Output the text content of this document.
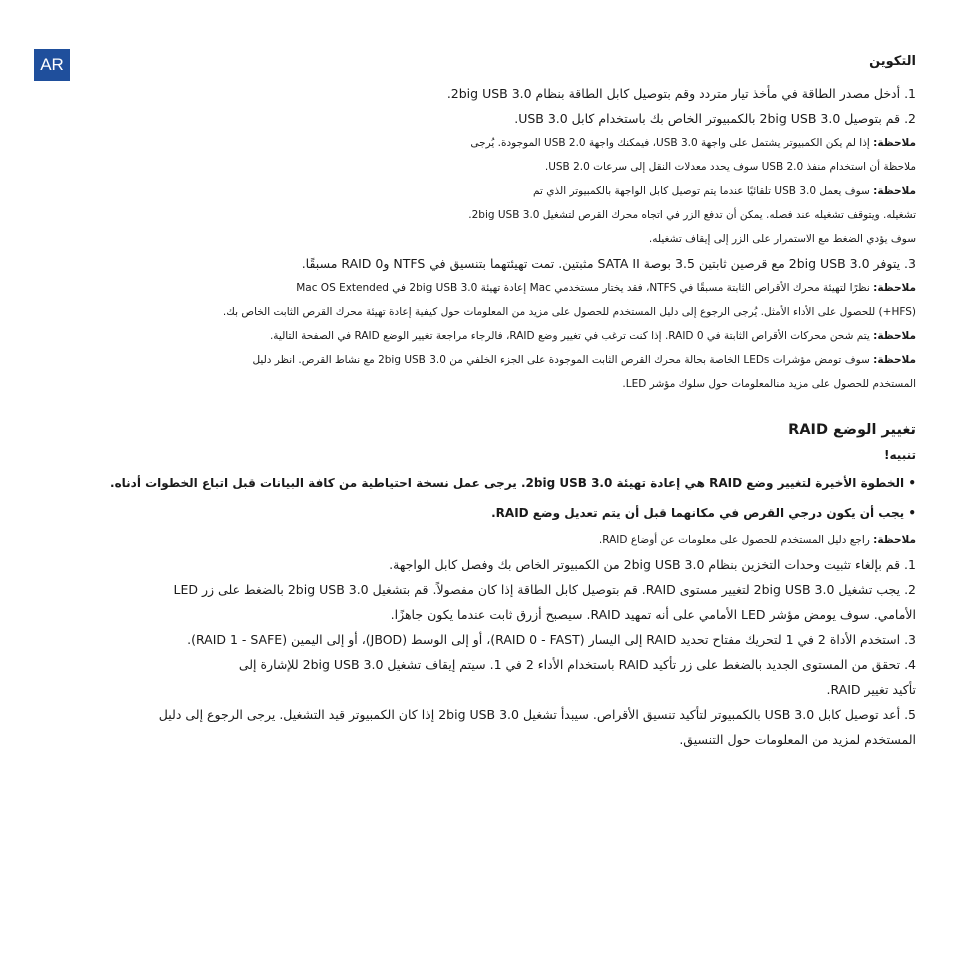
AR	التكوين

1. أدخل مصدر الطاقة في مأخذ تيار متردد وقم بتوصيل كابل الطاقة بنظام 2big USB 3.0.

2. قم بتوصيل 2big USB 3.0 بالكمبيوتر الخاص بك باستخدام كابل USB 3.0.

ملاحظة: إذا لم يكن الكمبيوتر يشتمل على واجهة USB 3.0، فيمكنك واجهة USB 2.0 الموجودة. يُرجى

ملاحظة أن استخدام منفذ USB 2.0 سوف يحدد معدلات النقل إلى سرعات USB 2.0.

ملاحظة: سوف يعمل USB 3.0 تلقائيًا عندما يتم توصيل كابل الواجهة بالكمبيوتر الذي تم

تشغيله. ويتوقف تشغيله عند فصله. يمكن أن تدفع الزر في اتجاه محرك القرص لتشغيل 2big USB 3.0.

سوف يؤدي الضغط مع الاستمرار على الزر إلى إيقاف تشغيله.

3. يتوفر 2big USB 3.0 مع قرصين ثابتين 3.5 بوصة SATA II مثبتين. تمت تهيئتهما بتنسيق في NTFS وRAID 0 مسبقًا.

ملاحظة: نظرًا لتهيئة محرك الأقراص الثابتة مسبقًا في NTFS، فقد يختار مستخدمي Mac إعادة تهيئة 2big USB 3.0 في Mac OS Extended

(HFS+) للحصول على الأداء الأمثل. يُرجى الرجوع إلى دليل المستخدم للحصول على مزيد من المعلومات حول كيفية إعادة تهيئة محرك القرص الثابت الخاص بك.

ملاحظة: يتم شحن محركات الأقراص الثابتة في RAID 0. إذا كنت ترغب في تغيير وضع RAID، فالرجاء مراجعة تغيير الوضع RAID في الصفحة التالية.

ملاحظة: سوف تومض مؤشرات LEDs الخاصة بحالة محرك القرص الثابت الموجودة على الجزء الخلفي من 2big USB 3.0 مع نشاط القرص. انظر دليل

المستخدم للحصول على مزيد منالمعلومات حول سلوك مؤشر LED.

تغيير الوضع RAID
تنبيه!

• الخطوة الأخيرة لتغيير وضع RAID هي إعادة تهيئة 2big USB 3.0. يرجى عمل نسخة احتياطية من كافة البيانات قبل اتباع الخطوات أدناه.

• يجب أن يكون درجي القرص في مكانهما قبل أن يتم تعديل وضع RAID.

ملاحظة: راجع دليل المستخدم للحصول على معلومات عن أوضاع RAID.

1. قم بإلغاء تثبيت وحدات التخزين بنظام 2big USB 3.0 من الكمبيوتر الخاص بك وفصل كابل الواجهة.

2. يجب تشغيل 2big USB 3.0 لتغيير مستوى RAID. قم بتوصيل كابل الطاقة إذا كان مفصولاً. قم بتشغيل 2big USB 3.0 بالضغط على زر LED

الأمامي. سوف يومض مؤشر LED الأمامي على أنه تمهيد RAID. سيصبح أزرق ثابت عندما يكون جاهزًا.

3. استخدم الأداة 2 في 1 لتحريك مفتاح تحديد RAID إلى اليسار (RAID 0 - FAST)، أو إلى الوسط (JBOD)، أو إلى اليمين (RAID 1 - SAFE).

4. تحقق من المستوى الجديد بالضغط على زر تأكيد RAID باستخدام الأداء 2 في 1. سيتم إيقاف تشغيل 2big USB 3.0 للإشارة إلى

تأكيد تغيير RAID.

5. أعد توصيل كابل USB 3.0 بالكمبيوتر لتأكيد تنسيق الأقراص. سيبدأ تشغيل 2big USB 3.0 إذا كان الكمبيوتر قيد التشغيل. يرجى الرجوع إلى دليل

المستخدم لمزيد من المعلومات حول التنسيق.
